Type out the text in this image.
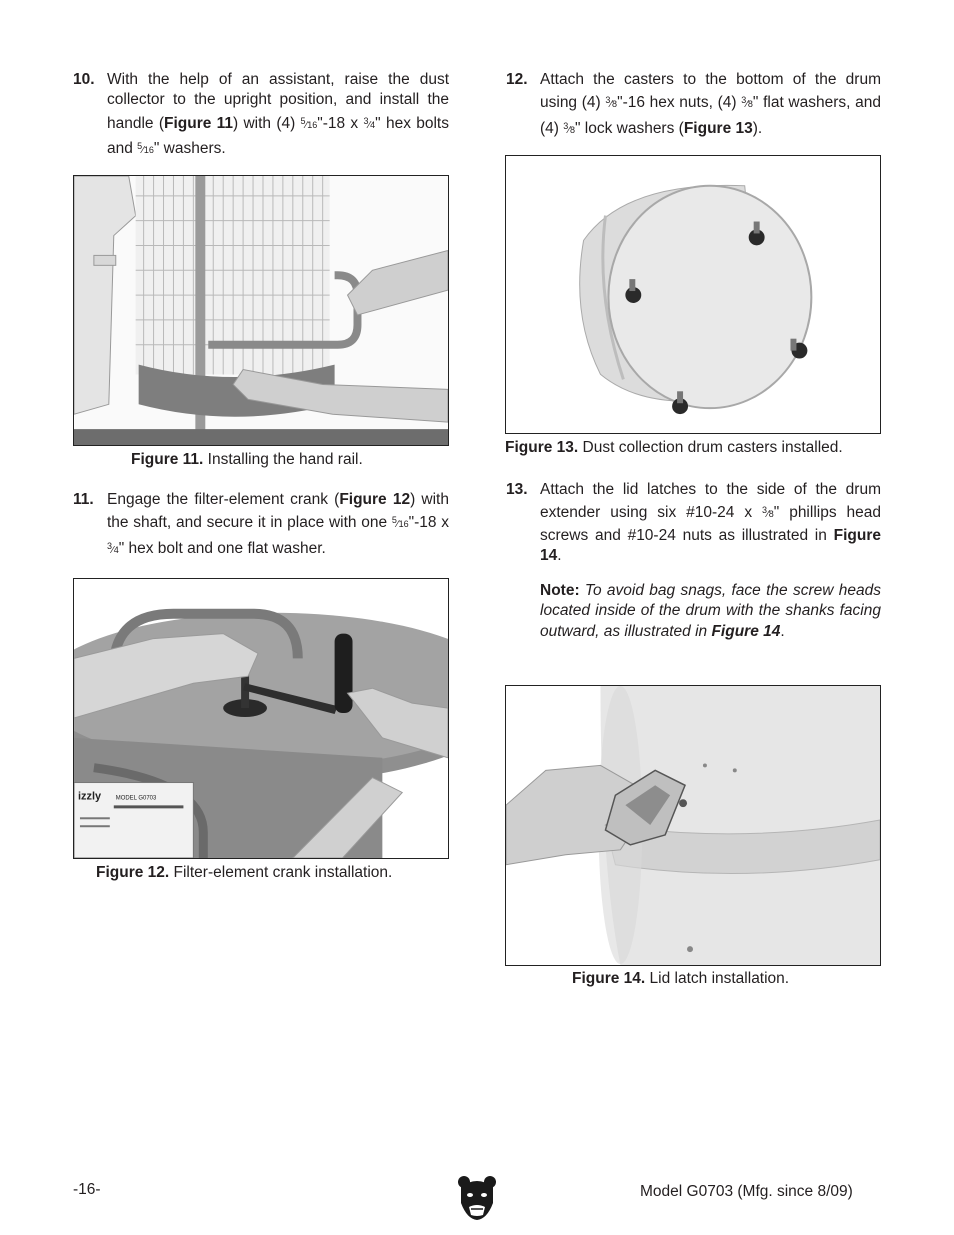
10. With the help of an assistant, raise the dust collector to the upright position, and install the handle (Figure 11) with (4) $^5$⁄16"-18 x $^3$⁄4" hex bolts and $^5$⁄16" washers.

Figure 11. Installing the hand rail.
11. Engage the filter-element crank (Figure 12) with the shaft, and secure it in place with one $^5$⁄16"-18 x $^3$⁄4" hex bolt and one flat washer.

izzly MODEL G0703
Figure 12. Filter-element crank installation.
12. Attach the casters to the bottom of the drum using (4) $^3$⁄8"-16 hex nuts, (4) $^3$⁄8" flat washers, and (4) $^3$⁄8" lock washers (Figure 13).

Figure 13. Dust collection drum casters installed.
13. Attach the lid latches to the side of the drum extender using six #10-24 x $^3$⁄8" phillips head screws and #10-24 nuts as illustrated in Figure 14.

Note: To avoid bag snags, face the screw heads located inside of the drum with the shanks facing outward, as illustrated in Figure 14.

Figure 14. Lid latch installation.
-16-	Model G0703 (Mfg. since 8/09)
